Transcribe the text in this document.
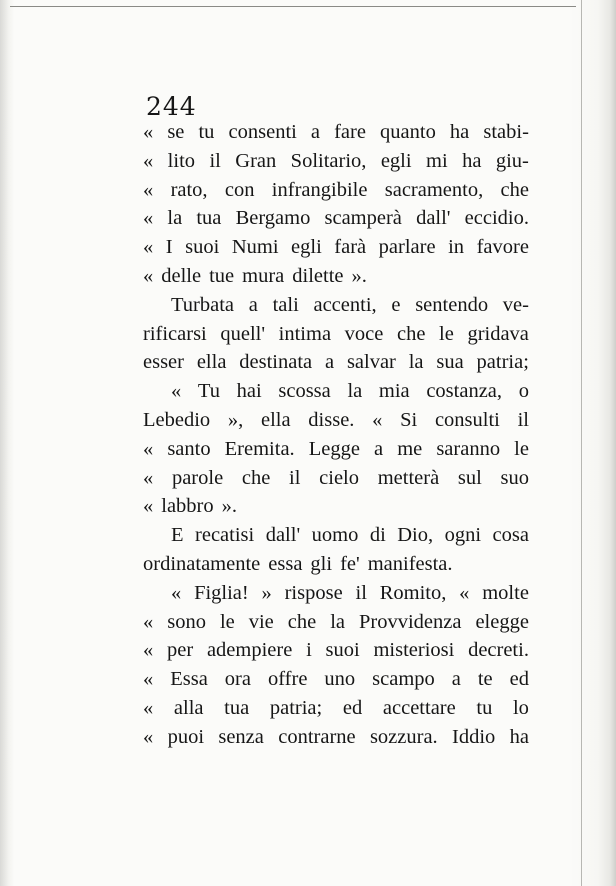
244
« se tu consenti a fare quanto ha stabi-
« lito il Gran Solitario, egli mi ha giu-
« rato, con infrangibile sacramento, che
« la tua Bergamo scamperà dall' eccidio.
« I suoi Numi egli farà parlare in favore
« delle tue mura dilette ».
Turbata a tali accenti, e sentendo ve-
rificarsi quell' intima voce che le gridava
esser ella destinata a salvar la sua patria;
« Tu hai scossa la mia costanza, o
Lebedio », ella disse. « Si consulti il
« santo Eremita. Legge a me saranno le
« parole che il cielo metterà sul suo
« labbro ».
E recatisi dall' uomo di Dio, ogni cosa
ordinatamente essa gli fe' manifesta.
« Figlia! » rispose il Romito, « molte
« sono le vie che la Provvidenza elegge
« per adempiere i suoi misteriosi decreti.
« Essa ora offre uno scampo a te ed
« alla tua patria; ed accettare tu lo
« puoi senza contrarne sozzura. Iddio ha
